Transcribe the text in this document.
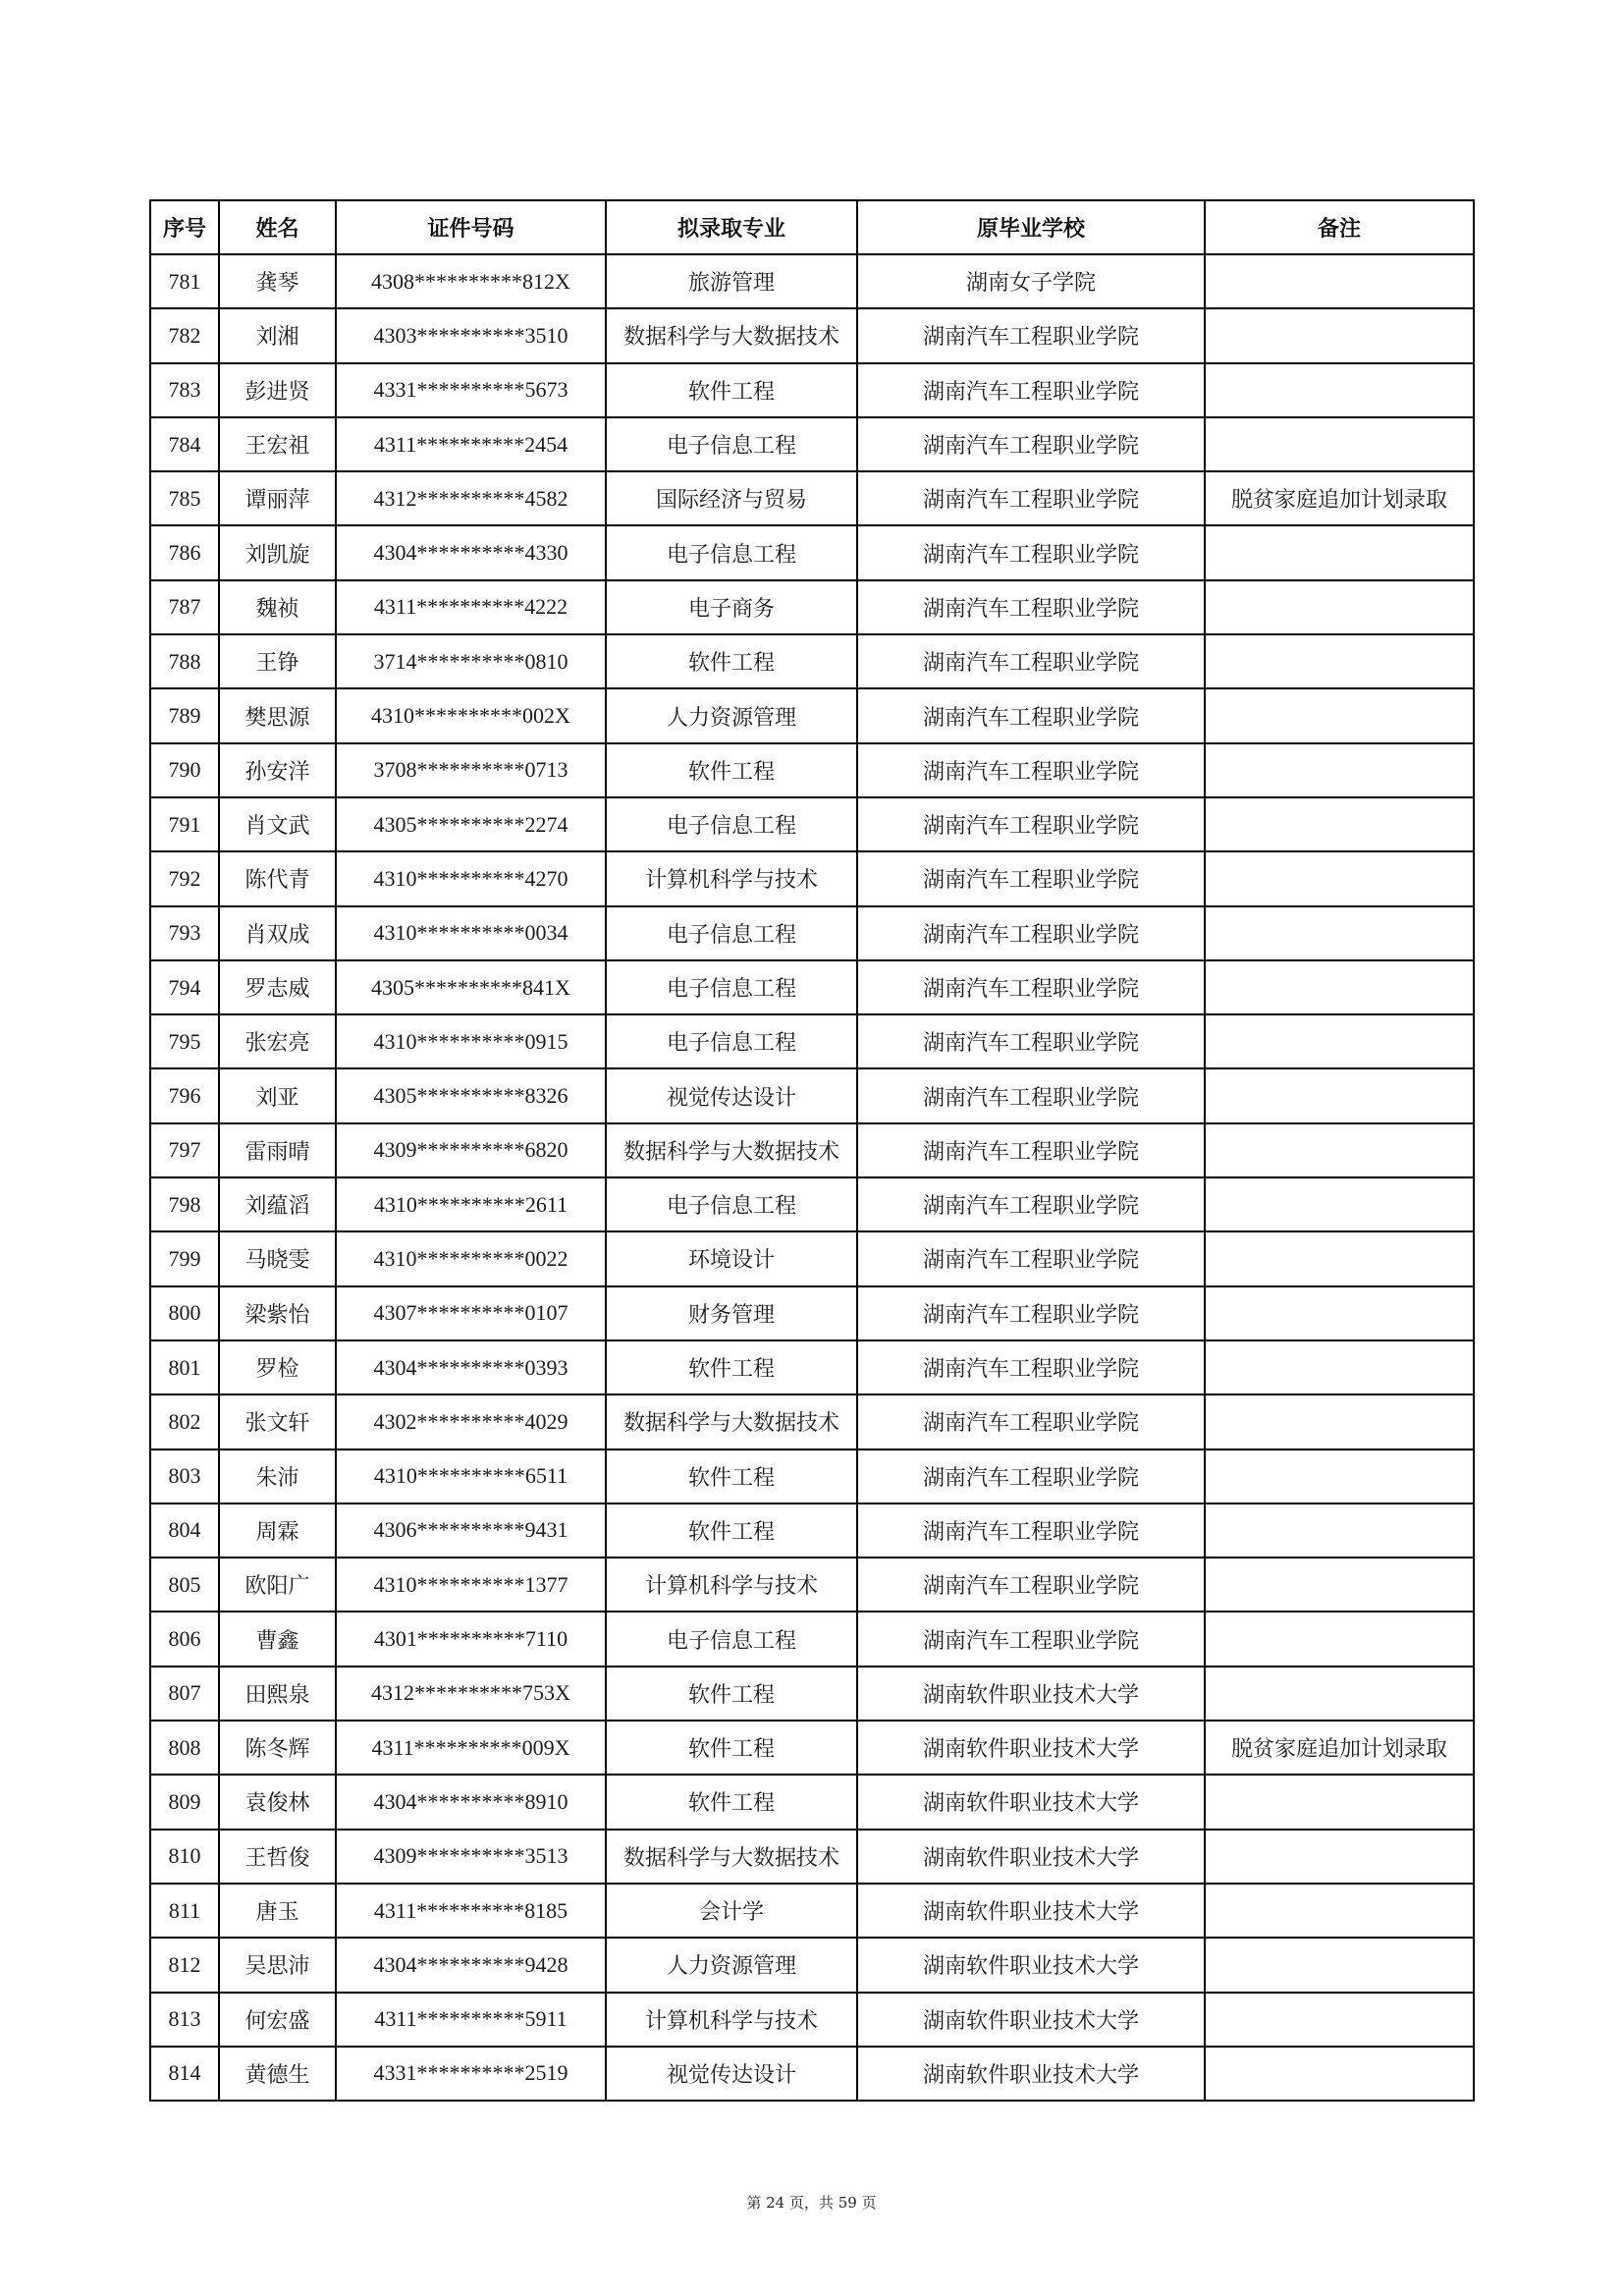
序号	姓名	证件号码	拟录取专业	原毕业学校	备注
781	龚琴	4308**********812X	旅游管理	湖南女子学院	
782	刘湘	4303**********3510	数据科学与大数据技术	湖南汽车工程职业学院	
783	彭进贤	4331**********5673	软件工程	湖南汽车工程职业学院	
784	王宏祖	4311**********2454	电子信息工程	湖南汽车工程职业学院	
785	谭丽萍	4312**********4582	国际经济与贸易	湖南汽车工程职业学院	脱贫家庭追加计划录取
786	刘凯旋	4304**********4330	电子信息工程	湖南汽车工程职业学院	
787	魏祯	4311**********4222	电子商务	湖南汽车工程职业学院	
788	王铮	3714**********0810	软件工程	湖南汽车工程职业学院	
789	樊思源	4310**********002X	人力资源管理	湖南汽车工程职业学院	
790	孙安洋	3708**********0713	软件工程	湖南汽车工程职业学院	
791	肖文武	4305**********2274	电子信息工程	湖南汽车工程职业学院	
792	陈代青	4310**********4270	计算机科学与技术	湖南汽车工程职业学院	
793	肖双成	4310**********0034	电子信息工程	湖南汽车工程职业学院	
794	罗志威	4305**********841X	电子信息工程	湖南汽车工程职业学院	
795	张宏亮	4310**********0915	电子信息工程	湖南汽车工程职业学院	
796	刘亚	4305**********8326	视觉传达设计	湖南汽车工程职业学院	
797	雷雨晴	4309**********6820	数据科学与大数据技术	湖南汽车工程职业学院	
798	刘蕴滔	4310**********2611	电子信息工程	湖南汽车工程职业学院	
799	马晓雯	4310**********0022	环境设计	湖南汽车工程职业学院	
800	梁紫怡	4307**********0107	财务管理	湖南汽车工程职业学院	
801	罗检	4304**********0393	软件工程	湖南汽车工程职业学院	
802	张文轩	4302**********4029	数据科学与大数据技术	湖南汽车工程职业学院	
803	朱沛	4310**********6511	软件工程	湖南汽车工程职业学院	
804	周霖	4306**********9431	软件工程	湖南汽车工程职业学院	
805	欧阳广	4310**********1377	计算机科学与技术	湖南汽车工程职业学院	
806	曹鑫	4301**********7110	电子信息工程	湖南汽车工程职业学院	
807	田熙泉	4312**********753X	软件工程	湖南软件职业技术大学	
808	陈冬辉	4311**********009X	软件工程	湖南软件职业技术大学	脱贫家庭追加计划录取
809	袁俊林	4304**********8910	软件工程	湖南软件职业技术大学	
810	王哲俊	4309**********3513	数据科学与大数据技术	湖南软件职业技术大学	
811	唐玉	4311**********8185	会计学	湖南软件职业技术大学	
812	吴思沛	4304**********9428	人力资源管理	湖南软件职业技术大学	
813	何宏盛	4311**********5911	计算机科学与技术	湖南软件职业技术大学	
814	黄德生	4331**********2519	视觉传达设计	湖南软件职业技术大学	
第 24 页，共 59 页
